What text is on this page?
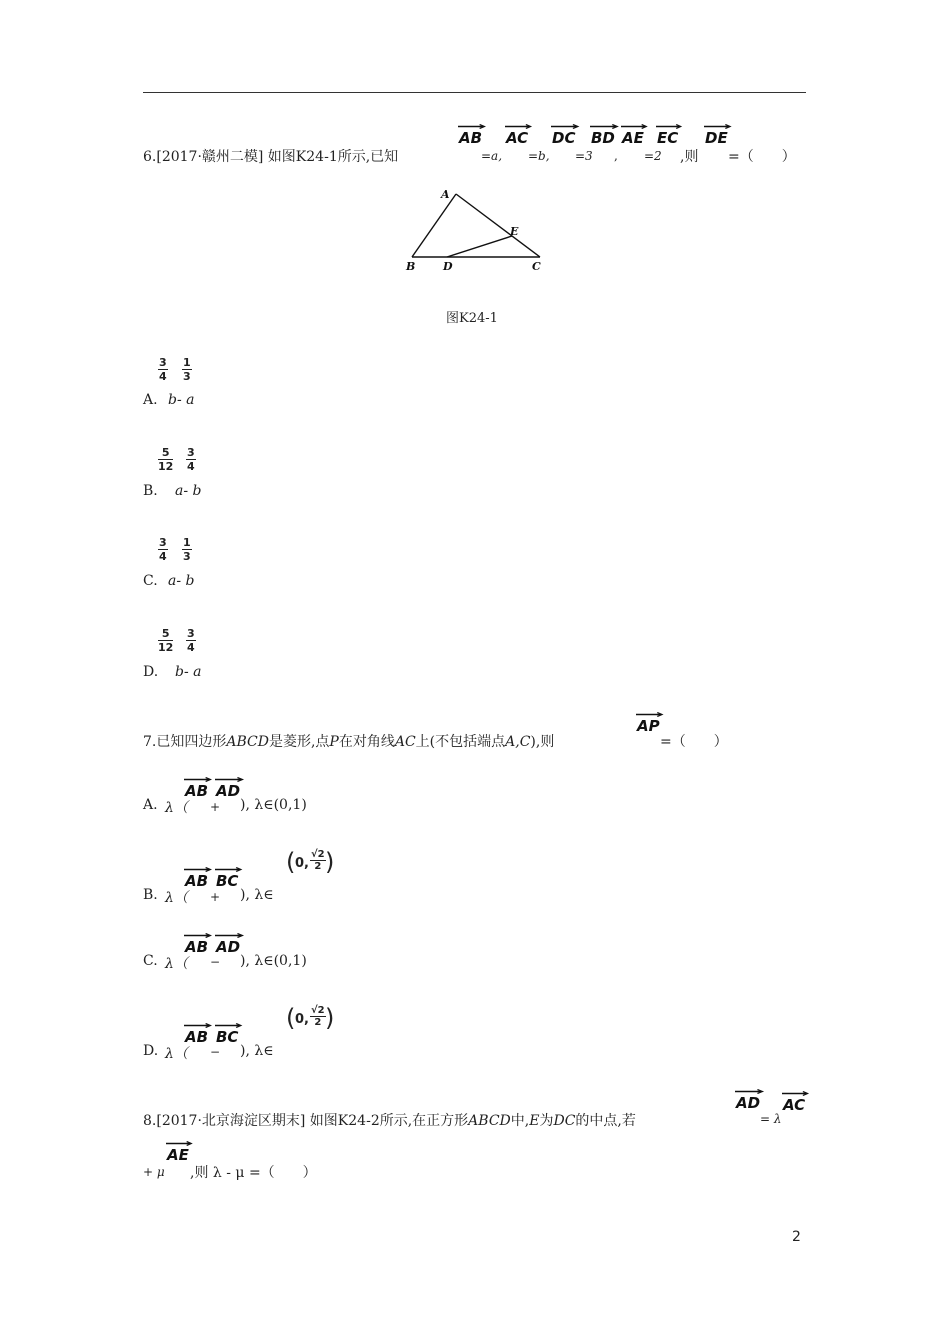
6.[2017·赣州二模] 如图K24-1所示,已知
AB
=a,
AC
=b,
DC
=3
BD
,
AE
=2
EC
,则
DE
=（　　）
A
B	C
D
E
图K24-1
$\frac{3}{4} \frac{1}{3}$
A. b- a
$\frac{5}{12} \frac{3}{4}$
B. a- b
$\frac{3}{4} \frac{1}{3}$
C. a- b
$\frac{5}{12} \frac{3}{4}$
D. b- a
7.已知四边形ABCD是菱形,点P在对角线AC上(不包括端点A,C),则
AP
=（　　）
A. λ（
AB
+
AD
), λ∈(0,1)
B. λ（
AB
+
BC
), λ∈
( 0, $\frac{√2}{2}$ )
C. λ（
AB
−
AD
), λ∈(0,1)
D. λ（
AB
−
BC
), λ∈
( 0, $\frac{√2}{2}$ )
8.[2017·北京海淀区期末] 如图K24-2所示,在正方形ABCD中,E为DC的中点,若
AD
= λ
AC
+ μ
AE
,则 λ - μ =（　　）
2
